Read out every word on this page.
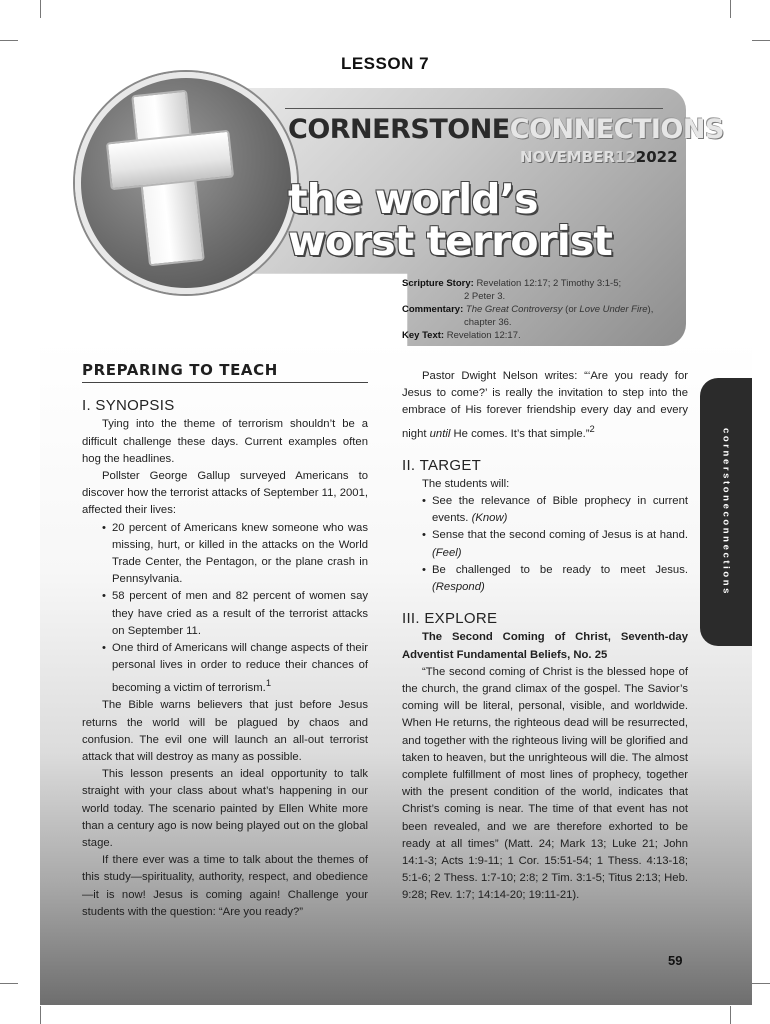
LESSON 7
CORNERSTONECONNECTIONS
NOVEMBER122022
the world’s
worst terrorist
Scripture Story: Revelation 12:17; 2 Timothy 3:1-5;
2 Peter 3.
Commentary: The Great Controversy (or Love Under Fire),
chapter 36.
Key Text: Revelation 12:17.
cornerstoneconnections
PREPARING TO TEACH
I. SYNOPSIS

Tying into the theme of terrorism shouldn’t be a difficult challenge these days. Current examples often hog the headlines.

Pollster George Gallup surveyed Americans to discover how the terrorist attacks of September 11, 2001, affected their lives:

• 20 percent of Americans knew someone who was missing, hurt, or killed in the attacks on the World Trade Center, the Pentagon, or the plane crash in Pennsylvania.
• 58 percent of men and 82 percent of women say they have cried as a result of the terrorist attacks on September 11.
• One third of Americans will change aspects of their personal lives in order to reduce their chances of becoming a victim of terrorism.$^1$

The Bible warns believers that just before Jesus returns the world will be plagued by chaos and confusion. The evil one will launch an all-out terrorist attack that will destroy as many as possible.

This lesson presents an ideal opportunity to talk straight with your class about what’s happening in our world today. The scenario painted by Ellen White more than a century ago is now being played out on the global stage.

If there ever was a time to talk about the themes of this study—spirituality, authority, respect, and obedience—it is now! Jesus is coming again! Challenge your students with the question: “Are you ready?”

Pastor Dwight Nelson writes: “‘Are you ready for Jesus to come?’ is really the invitation to step into the embrace of His forever friendship every day and every night until He comes. It’s that simple.”$^2$

II. TARGET

The students will:

• See the relevance of Bible prophecy in current events. (Know)
• Sense that the second coming of Jesus is at hand. (Feel)
• Be challenged to be ready to meet Jesus. (Respond)
III. EXPLORE

The Second Coming of Christ, Seventh-day Adventist Fundamental Beliefs, No. 25

“The second coming of Christ is the blessed hope of the church, the grand climax of the gospel. The Savior’s coming will be literal, personal, visible, and worldwide. When He returns, the righteous dead will be resurrected, and together with the righteous living will be glorified and taken to heaven, but the unrighteous will die. The almost complete fulfillment of most lines of prophecy, together with the present condition of the world, indicates that Christ’s coming is near. The time of that event has not been revealed, and we are therefore exhorted to be ready at all times” (Matt. 24; Mark 13; Luke 21; John 14:1-3; Acts 1:9-11; 1 Cor. 15:51-54; 1 Thess. 4:13-18; 5:1-6; 2 Thess. 1:7-10; 2:8; 2 Tim. 3:1-5; Titus 2:13; Heb. 9:28; Rev. 1:7; 14:14-20; 19:11-21).

59
